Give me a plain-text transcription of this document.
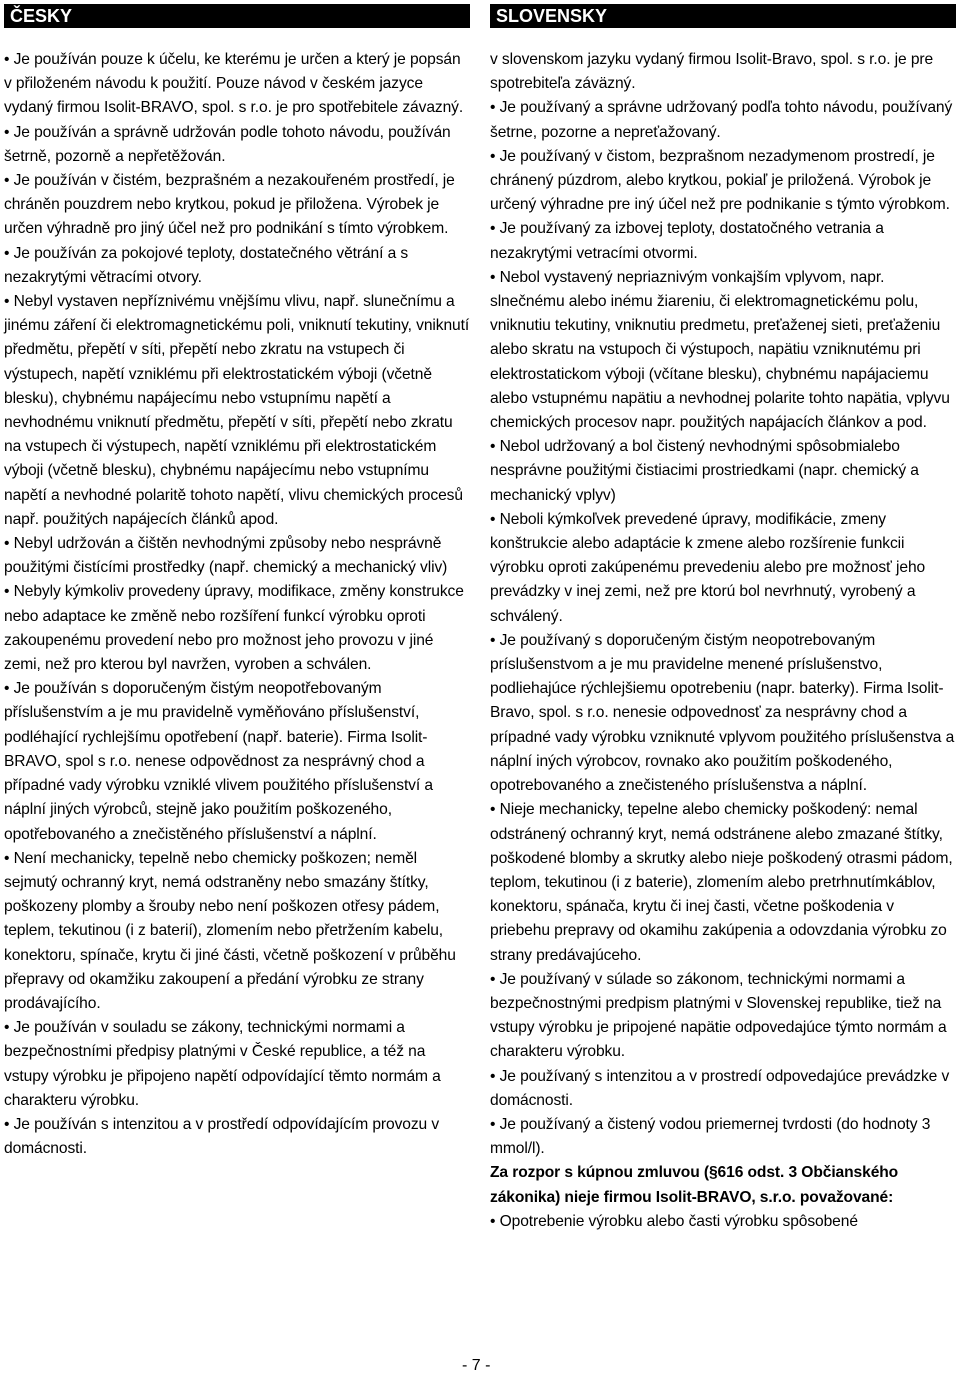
ČESKY

• Je používán pouze k účelu, ke kterému je určen a který je popsán v přiloženém návodu k použití. Pouze návod v českém jazyce vydaný firmou Isolit-BRAVO, spol. s r.o. je pro spotřebitele závazný.

• Je používán a správně udržován podle tohoto návodu, používán šetrně, pozorně a nepřetěžován.

• Je používán v čistém, bezprašném a nezakouřeném prostředí, je chráněn pouzdrem nebo krytkou, pokud je přiložena. Výrobek je určen výhradně pro jiný účel než pro podnikání s tímto výrobkem.

• Je používán za pokojové teploty, dostatečného větrání a s nezakrytými větracími otvory.

• Nebyl vystaven nepříznivému vnějšímu vlivu, např. slunečnímu a jinému záření či elektromagnetickému poli, vniknutí tekutiny, vniknutí předmětu, přepětí v síti, přepětí nebo zkratu na vstupech či výstupech, napětí vzniklému při elektrostatickém výboji (včetně blesku), chybnému napájecímu nebo vstupnímu napětí a nevhodnému vniknutí předmětu, přepětí v síti, přepětí nebo zkratu na vstupech či výstupech, napětí vzniklému při elektrostatickém výboji (včetně blesku), chybnému napájecímu nebo vstupnímu napětí a nevhodné polaritě tohoto napětí, vlivu chemických procesů např. použitých napájecích článků apod.

• Nebyl udržován a čištěn nevhodnými způsoby nebo nesprávně použitými čistícími prostředky (např. chemický a mechanický vliv)

• Nebyly kýmkoliv provedeny úpravy, modifikace, změny konstrukce nebo adaptace ke změně nebo rozšíření funkcí výrobku oproti zakoupenému provedení nebo pro možnost jeho provozu v jiné zemi, než pro kterou byl navržen, vyroben a schválen.

• Je používán s doporučeným čistým neopotřebovaným příslušenstvím a je mu pravidelně vyměňováno příslušenství, podléhající rychlejšímu opotřebení (např. baterie). Firma Isolit-BRAVO, spol s r.o. nenese odpovědnost za nesprávný chod a případné vady výrobku vzniklé vlivem použitého příslušenství a náplní jiných výrobců, stejně jako použitím poškozeného, opotřebovaného a znečistěného příslušenství a náplní.

• Není mechanicky, tepelně nebo chemicky poškozen; neměl sejmutý ochranný kryt, nemá odstraněny nebo smazány štítky, poškozeny plomby a šrouby nebo není poškozen otřesy pádem, teplem, tekutinou (i z baterií), zlomením nebo přetržením kabelu, konektoru, spínače, krytu či jiné části, včetně poškození v průběhu přepravy od okamžiku zakoupení a předání výrobku ze strany prodávajícího.

• Je používán v souladu se zákony, technickými normami a bezpečnostními předpisy platnými v České republice, a též na vstupy výrobku je připojeno napětí odpovídající těmto normám a charakteru výrobku.

• Je používán s intenzitou a v prostředí odpovídajícím provozu v domácnosti.

SLOVENSKY

v slovenskom jazyku vydaný firmou Isolit-Bravo, spol. s r.o. je pre spotrebiteľa záväzný.

• Je používaný a správne udržovaný podľa tohto návodu, používaný šetrne, pozorne a nepreťažovaný.

• Je používaný v čistom, bezprašnom nezadymenom prostredí, je chránený púzdrom, alebo krytkou, pokiaľ je priložená. Výrobok je určený výhradne pre iný účel než pre podnikanie s týmto výrobkom.

• Je používaný za izbovej teploty, dostatočného vetrania a nezakrytými vetracími otvormi.

• Nebol vystavený nepriaznivým vonkajším vplyvom, napr. slnečnému alebo inému žiareniu, či elektromagnetickému polu, vniknutiu tekutiny, vniknutiu predmetu, preťaženej sieti, preťaženiu alebo skratu na vstupoch či výstupoch, napätiu vzniknutému pri elektrostatickom výboji (včítane blesku), chybnému napájaciemu alebo vstupnému napätiu a nevhodnej polarite tohto napätia, vplyvu chemických procesov napr. použitých napájacích článkov a pod.

• Nebol udržovaný a bol čistený nevhodnými spôsobmialebo nesprávne použitými čistiacimi prostriedkami (napr. chemický a mechanický vplyv)

• Neboli kýmkoľvek prevedené úpravy, modifikácie, zmeny konštrukcie alebo adaptácie k zmene alebo rozšírenie funkcii výrobku oproti zakúpenému prevedeniu alebo pre možnosť jeho prevádzky v inej zemi, než pre ktorú bol nevrhnutý, vyrobený a schválený.

• Je používaný s doporučeným čistým neopotrebovaným príslušenstvom a je mu pravidelne menené príslušenstvo, podliehajúce rýchlejšiemu opotrebeniu (napr. baterky). Firma Isolit-Bravo, spol. s r.o. nenesie odpovednosť za nesprávny chod a prípadné vady výrobku vzniknuté vplyvom použitého príslušenstva a náplní iných výrobcov, rovnako ako použitím poškodeného, opotrebovaného a znečisteného príslušenstva a náplní.

• Nieje mechanicky, tepelne alebo chemicky poškodený: nemal odstránený ochranný kryt, nemá odstránene alebo zmazané štítky, poškodené blomby a skrutky alebo nieje poškodený otrasmi pádom, teplom, tekutinou (i z baterie), zlomením alebo pretrhnutímkáblov, konektoru, spánača, krytu či inej časti, včetne poškodenia v priebehu prepravy od okamihu zakúpenia a odovzdania výrobku zo strany predávajúceho.

• Je používaný v súlade so zákonom, technickými normami a bezpečnostnými predpism platnými v Slovenskej republike, tiež na vstupy výrobku je pripojené napätie odpovedajúce týmto normám a charakteru výrobku.

• Je používaný s intenzitou a v prostredí odpovedajúce prevádzke v domácnosti.

• Je používaný a čistený vodou priemernej tvrdosti (do hodnoty 3 mmol/l).

Za rozpor s kúpnou zmluvou (§616 odst. 3 Občianského zákonika) nieje firmou Isolit-BRAVO, s.r.o. považované:

• Opotrebenie výrobku alebo časti výrobku spôsobené

- 7 -
